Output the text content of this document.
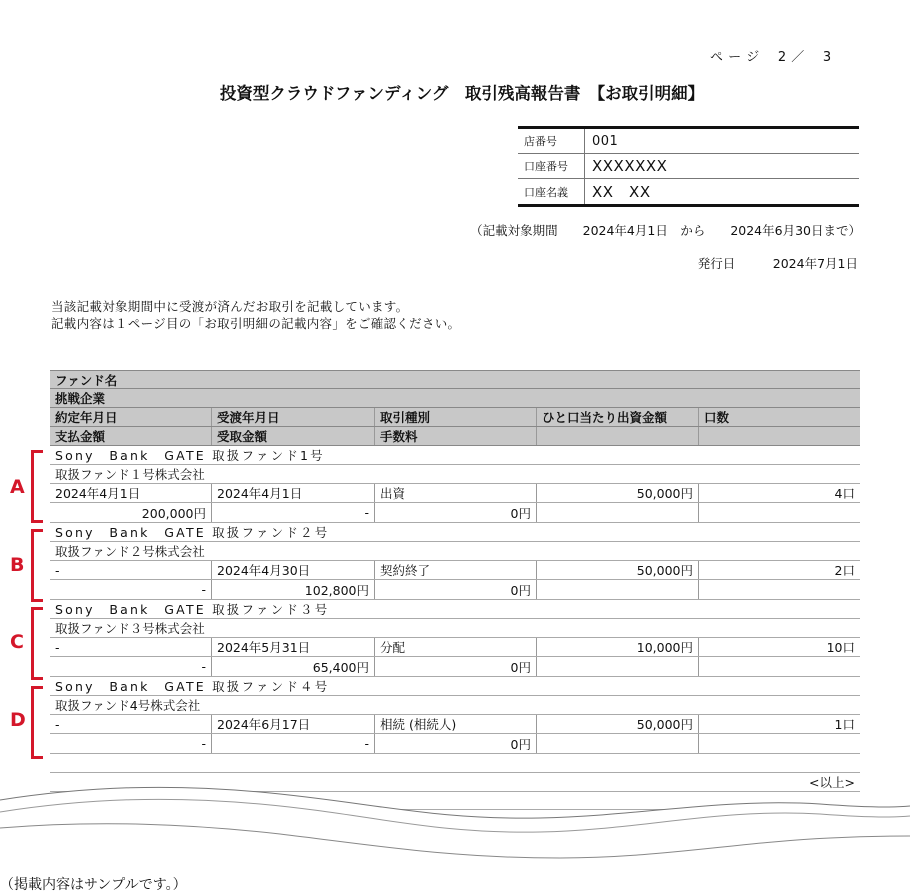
ペ ー ジ　 2 ／　 3
投資型クラウドファンディング　取引残高報告書　【お取引明細】
店番号	001
口座番号	XXXXXXX
口座名義	XX　XX
（記載対象期間　　2024年4月1日　から　　2024年6月30日まで）
発行日　　　2024年7月1日
当該記載対象期間中に受渡が済んだお取引を記載しています。
記載内容は１ページ目の「お取引明細の記載内容」をご確認ください。
A
B
C
D
ファンド名
挑戦企業
約定年月日	受渡年月日	取引種別	ひと口当たり出資金額	口数
支払金額	受取金額	手数料
Sony　Bank　GATE 取扱ファンド1号
取扱ファンド１号株式会社
2024年4月1日	2024年4月1日	出資	50,000円	4口
200,000円	-	0円
Sony　Bank　GATE 取扱ファンド２号
取扱ファンド２号株式会社
-	2024年4月30日	契約終了	50,000円	2口
-	102,800円	0円
Sony　Bank　GATE 取扱ファンド３号
取扱ファンド３号株式会社
-	2024年5月31日	分配	10,000円	10口
-	65,400円	0円
Sony　Bank　GATE 取扱ファンド４号
取扱ファンド4号株式会社
-	2024年6月17日	相続 (相続人)	50,000円	1口
-	-	0円
<以上>
（掲載内容はサンプルです。）
